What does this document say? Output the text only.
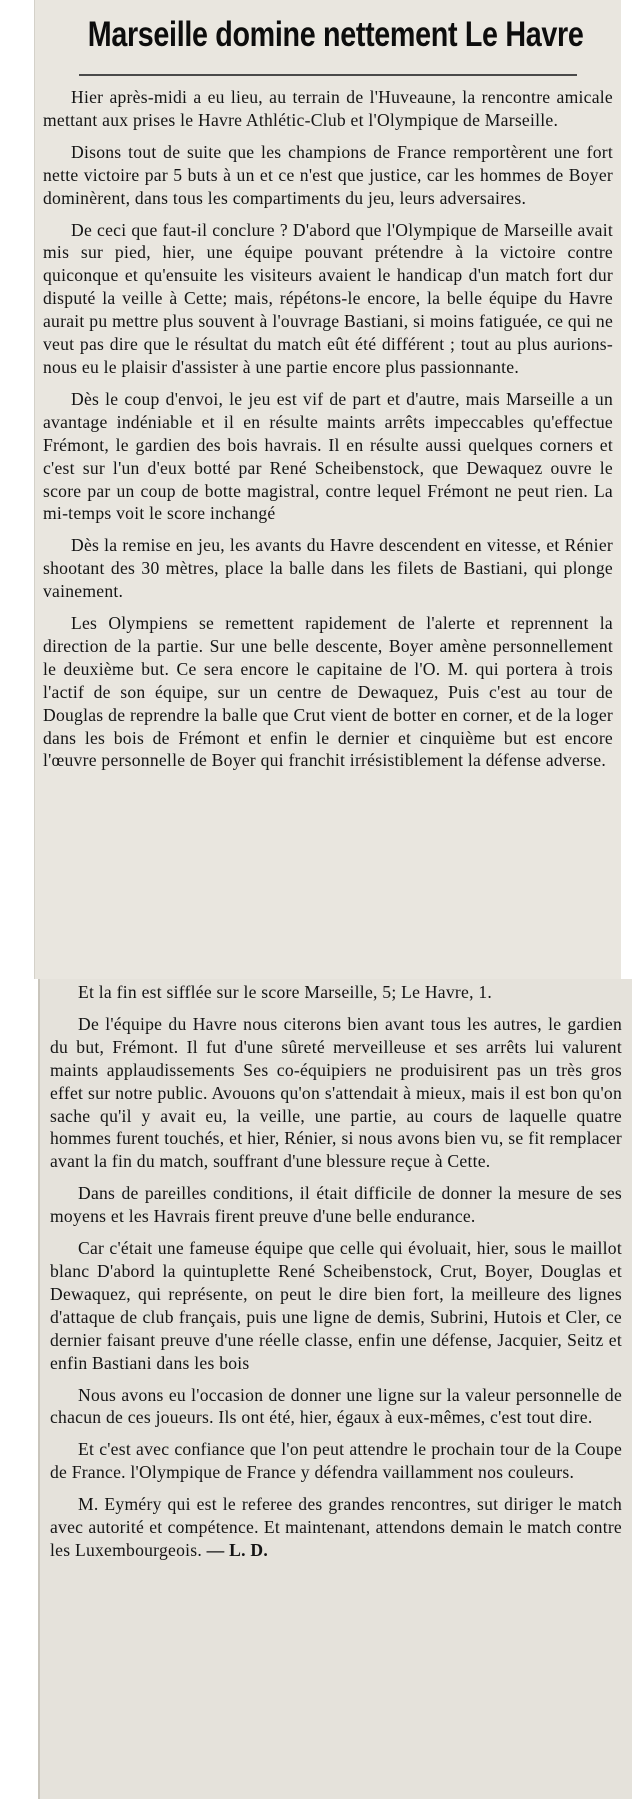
Marseille domine nettement Le Havre

Hier après-midi a eu lieu, au terrain de l'Huveaune, la rencontre amicale mettant aux prises le Havre Athlétic-Club et l'Olympique de Marseille.

Disons tout de suite que les champions de France remportèrent une fort nette victoire par 5 buts à un et ce n'est que justice, car les hommes de Boyer dominèrent, dans tous les compartiments du jeu, leurs adversaires.

De ceci que faut-il conclure ? D'abord que l'Olympique de Marseille avait mis sur pied, hier, une équipe pouvant prétendre à la victoire contre quiconque et qu'ensuite les visiteurs avaient le handicap d'un match fort dur disputé la veille à Cette; mais, répétons-le encore, la belle équipe du Havre aurait pu mettre plus souvent à l'ouvrage Bastiani, si moins fatiguée, ce qui ne veut pas dire que le résultat du match eût été différent ; tout au plus aurions-nous eu le plaisir d'assister à une partie encore plus passionnante.

Dès le coup d'envoi, le jeu est vif de part et d'autre, mais Marseille a un avantage indéniable et il en résulte maints arrêts impeccables qu'effectue Frémont, le gardien des bois havrais. Il en résulte aussi quelques corners et c'est sur l'un d'eux botté par René Scheibenstock, que Dewaquez ouvre le score par un coup de botte magistral, contre lequel Frémont ne peut rien. La mi-temps voit le score inchangé

Dès la remise en jeu, les avants du Havre descendent en vitesse, et Rénier shootant des 30 mètres, place la balle dans les filets de Bastiani, qui plonge vainement.

Les Olympiens se remettent rapidement de l'alerte et reprennent la direction de la partie. Sur une belle descente, Boyer amène personnellement le deuxième but. Ce sera encore le capitaine de l'O. M. qui portera à trois l'actif de son équipe, sur un centre de Dewaquez, Puis c'est au tour de Douglas de reprendre la balle que Crut vient de botter en corner, et de la loger dans les bois de Frémont et enfin le dernier et cinquième but est encore l'œuvre personnelle de Boyer qui franchit irrésistiblement la défense adverse.

Et la fin est sifflée sur le score Marseille, 5; Le Havre, 1.

De l'équipe du Havre nous citerons bien avant tous les autres, le gardien du but, Frémont. Il fut d'une sûreté merveilleuse et ses arrêts lui valurent maints applaudissements Ses co-équipiers ne produisirent pas un très gros effet sur notre public. Avouons qu'on s'attendait à mieux, mais il est bon qu'on sache qu'il y avait eu, la veille, une partie, au cours de laquelle quatre hommes furent touchés, et hier, Rénier, si nous avons bien vu, se fit remplacer avant la fin du match, souffrant d'une blessure reçue à Cette.

Dans de pareilles conditions, il était difficile de donner la mesure de ses moyens et les Havrais firent preuve d'une belle endurance.

Car c'était une fameuse équipe que celle qui évoluait, hier, sous le maillot blanc D'abord la quintuplette René Scheibenstock, Crut, Boyer, Douglas et Dewaquez, qui représente, on peut le dire bien fort, la meilleure des lignes d'attaque de club français, puis une ligne de demis, Subrini, Hutois et Cler, ce dernier faisant preuve d'une réelle classe, enfin une défense, Jacquier, Seitz et enfin Bastiani dans les bois

Nous avons eu l'occasion de donner une ligne sur la valeur personnelle de chacun de ces joueurs. Ils ont été, hier, égaux à eux-mêmes, c'est tout dire.

Et c'est avec confiance que l'on peut attendre le prochain tour de la Coupe de France. l'Olympique de France y défendra vaillamment nos couleurs.

M. Eyméry qui est le referee des grandes rencontres, sut diriger le match avec autorité et compétence. Et maintenant, attendons demain le match contre les Luxembourgeois. — L. D.
